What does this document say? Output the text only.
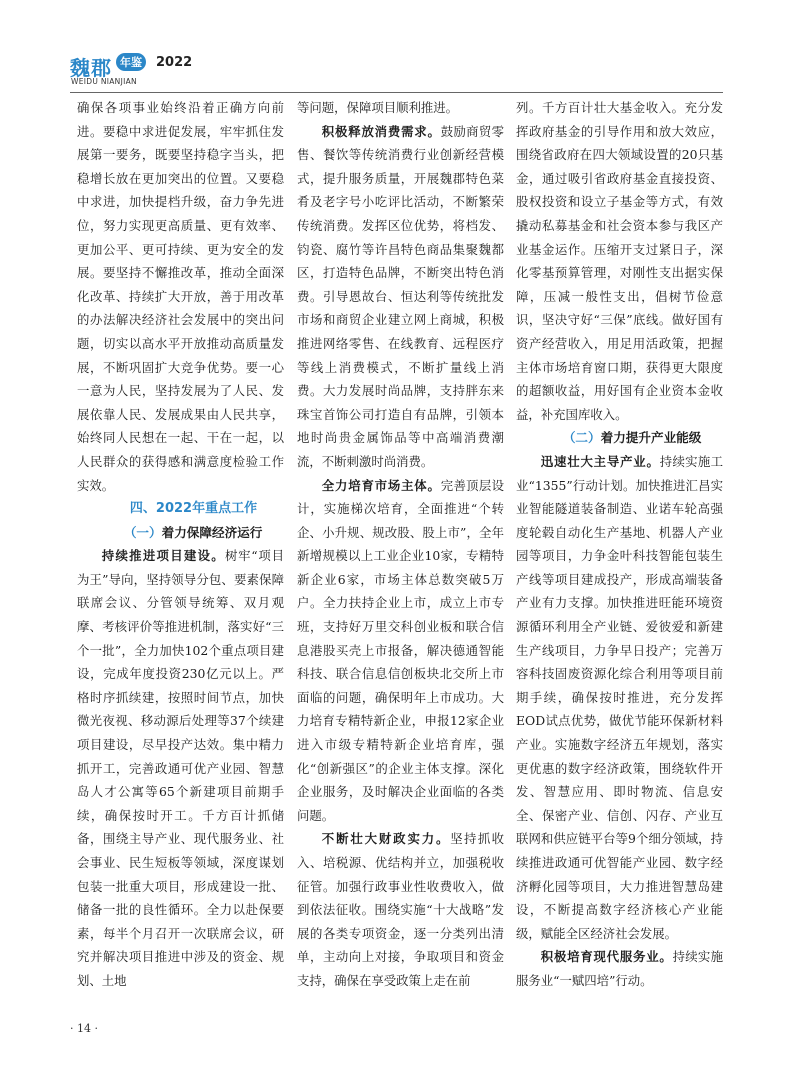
魏郡 年鉴	2022
WEIDU NIANJIAN

确保各项事业始终沿着正确方向前进。要稳中求进促发展，牢牢抓住发展第一要务，既要坚持稳字当头，把稳增长放在更加突出的位置。又要稳中求进，加快提档升级，奋力争先进位，努力实现更高质量、更有效率、更加公平、更可持续、更为安全的发展。要坚持不懈推改革，推动全面深化改革、持续扩大开放，善于用改革的办法解决经济社会发展中的突出问题，切实以高水平开放推动高质量发展，不断巩固扩大竞争优势。要一心一意为人民，坚持发展为了人民、发展依靠人民、发展成果由人民共享，始终同人民想在一起、干在一起，以人民群众的获得感和满意度检验工作实效。

四、2022年重点工作

（一）着力保障经济运行

持续推进项目建设。树牢“项目为王”导向，坚持领导分包、要素保障联席会议、分管领导统筹、双月观摩、考核评价等推进机制，落实好“三个一批”，全力加快102个重点项目建设，完成年度投资230亿元以上。严格时序抓续建，按照时间节点，加快微光夜视、移动源后处理等37个续建项目建设，尽早投产达效。集中精力抓开工，完善政通可优产业园、智慧岛人才公寓等65个新建项目前期手续，确保按时开工。千方百计抓储备，围绕主导产业、现代服务业、社会事业、民生短板等领域，深度谋划包装一批重大项目，形成建设一批、储备一批的良性循环。全力以赴保要素，每半个月召开一次联席会议，研究并解决项目推进中涉及的资金、规划、土地

等问题，保障项目顺利推进。

积极释放消费需求。鼓励商贸零售、餐饮等传统消费行业创新经营模式，提升服务质量，开展魏郡特色菜肴及老字号小吃评比活动，不断繁荣传统消费。发挥区位优势，将档发、钧瓷、腐竹等许昌特色商品集聚魏都区，打造特色品牌，不断突出特色消费。引导恩故台、恒达利等传统批发市场和商贸企业建立网上商城，积极推进网络零售、在线教育、远程医疗等线上消费模式，不断扩量线上消费。大力发展时尚品牌，支持胖东来珠宝首饰公司打造自有品牌，引领本地时尚贵金属饰品等中高端消费潮流，不断刺激时尚消费。

全力培育市场主体。完善顶层设计，实施梯次培育，全面推进“个转企、小升规、规改股、股上市”，全年新增规模以上工业企业10家，专精特新企业6家，市场主体总数突破5万户。全力扶持企业上市，成立上市专班，支持好万里交科创业板和联合信息港股买壳上市报备，解决德通智能科技、联合信息信创板块北交所上市面临的问题，确保明年上市成功。大力培育专精特新企业，申报12家企业进入市级专精特新企业培育库，强化“创新强区”的企业主体支撑。深化企业服务，及时解决企业面临的各类问题。

不断壮大财政实力。坚持抓收入、培税源、优结构并立，加强税收征管。加强行政事业性收费收入，做到依法征收。围绕实施“十大战略”发展的各类专项资金，逐一分类列出清单，主动向上对接，争取项目和资金支持，确保在享受政策上走在前

列。千方百计壮大基金收入。充分发挥政府基金的引导作用和放大效应，围绕省政府在四大领域设置的20只基金，通过吸引省政府基金直接投资、股权投资和设立子基金等方式，有效撬动私募基金和社会资本参与我区产业基金运作。压缩开支过紧日子，深化零基预算管理，对刚性支出据实保障，压减一般性支出，倡树节俭意识，坚决守好“三保”底线。做好国有资产经营收入，用足用活政策，把握主体市场培育窗口期，获得更大限度的超额收益，用好国有企业资本金收益，补充国库收入。

（二）着力提升产业能级

迅速壮大主导产业。持续实施工业“1355”行动计划。加快推进汇昌实业智能隧道装备制造、业诺车轮高强度轮毂自动化生产基地、机器人产业园等项目，力争金叶科技智能包装生产线等项目建成投产，形成高端装备产业有力支撑。加快推进旺能环境资源循环利用全产业链、爱彼爱和新建生产线项目，力争早日投产；完善万容科技固废资源化综合利用等项目前期手续，确保按时推进，充分发挥EOD试点优势，做优节能环保新材料产业。实施数字经济五年规划，落实更优惠的数字经济政策，围绕软件开发、智慧应用、即时物流、信息安全、保密产业、信创、闪存、产业互联网和供应链平台等9个细分领域，持续推进政通可优智能产业园、数字经济孵化园等项目，大力推进智慧岛建设，不断提高数字经济核心产业能级，赋能全区经济社会发展。

积极培育现代服务业。持续实施服务业“一赋四培”行动。

· 14 ·
